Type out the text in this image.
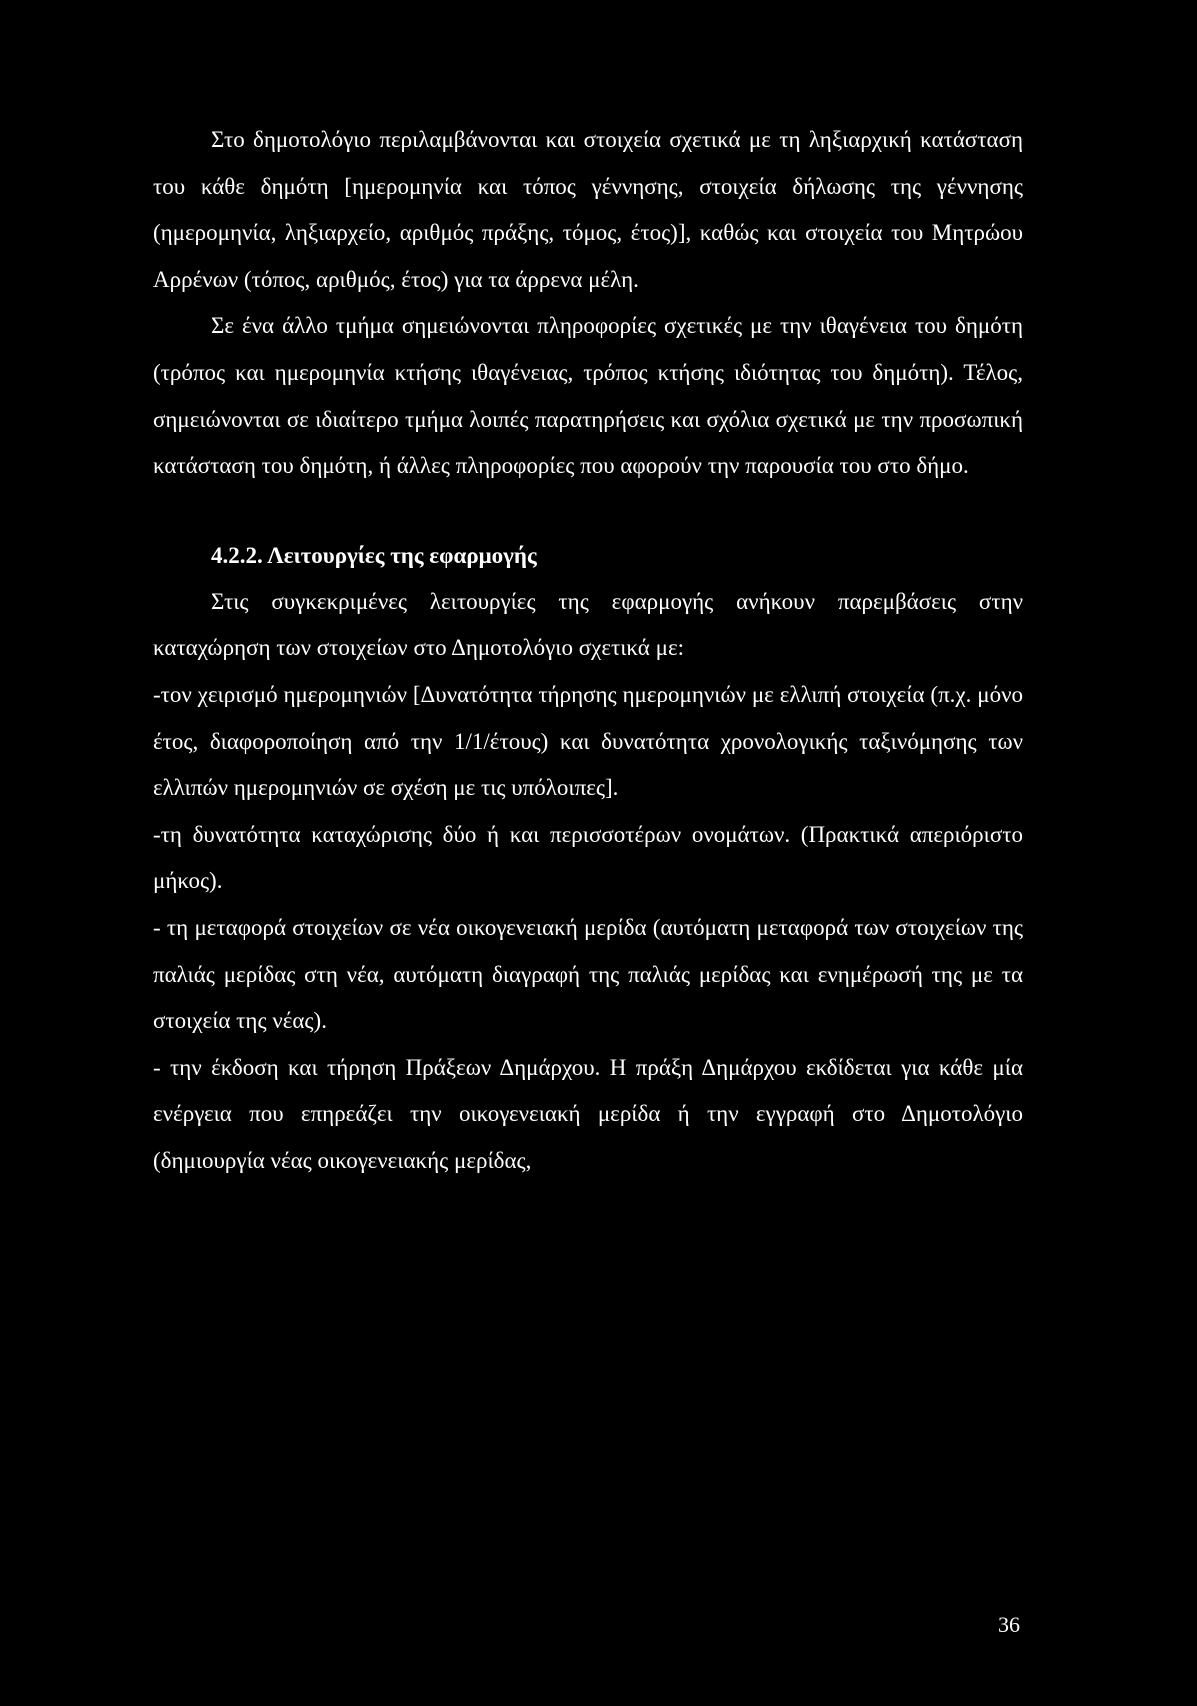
Στο δημοτολόγιο περιλαμβάνονται και στοιχεία σχετικά με τη ληξιαρχική κατάσταση του κάθε δημότη [ημερομηνία και τόπος γέννησης, στοιχεία δήλωσης της γέννησης (ημερομηνία, ληξιαρχείο, αριθμός πράξης, τόμος, έτος)], καθώς και στοιχεία του Μητρώου Αρρένων (τόπος, αριθμός, έτος) για τα άρρενα μέλη.

Σε ένα άλλο τμήμα σημειώνονται πληροφορίες σχετικές με την ιθαγένεια του δημότη (τρόπος και ημερομηνία κτήσης ιθαγένειας, τρόπος κτήσης ιδιότητας του δημότη). Τέλος, σημειώνονται σε ιδιαίτερο τμήμα λοιπές παρατηρήσεις και σχόλια σχετικά με την προσωπική κατάσταση του δημότη, ή άλλες πληροφορίες που αφορούν την παρουσία του στο δήμο.

4.2.2. Λειτουργίες της εφαρμογής

Στις συγκεκριμένες λειτουργίες της εφαρμογής ανήκουν παρεμβάσεις στην καταχώρηση των στοιχείων στο Δημοτολόγιο σχετικά με:

-τον χειρισμό ημερομηνιών [Δυνατότητα τήρησης ημερομηνιών με ελλιπή στοιχεία (π.χ. μόνο έτος, διαφοροποίηση από την 1/1/έτους) και δυνατότητα χρονολογικής ταξινόμησης των ελλιπών ημερομηνιών σε σχέση με τις υπόλοιπες].

-τη δυνατότητα καταχώρισης δύο ή και περισσοτέρων ονομάτων. (Πρακτικά απεριόριστο μήκος).

- τη μεταφορά στοιχείων σε νέα οικογενειακή μερίδα (αυτόματη μεταφορά των στοιχείων της παλιάς μερίδας στη νέα, αυτόματη διαγραφή της παλιάς μερίδας και ενημέρωσή της με τα στοιχεία της νέας).

- την έκδοση και τήρηση Πράξεων Δημάρχου. Η πράξη Δημάρχου εκδίδεται για κάθε μία ενέργεια που επηρεάζει την οικογενειακή μερίδα ή την εγγραφή στο Δημοτολόγιο (δημιουργία νέας οικογενειακής μερίδας,

36
